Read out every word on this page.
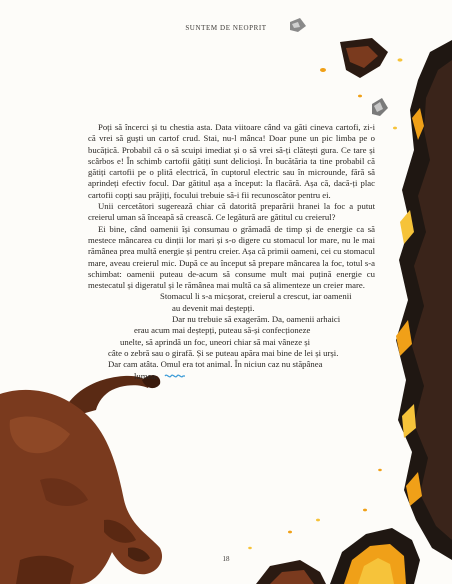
SUNTEM DE NEOPRIT

Poți să încerci și tu chestia asta. Data viitoare când va găti cineva cartofi, zi-i că vrei să guști un cartof crud. Stai, nu-l mânca! Doar pune un pic limba pe o bucățică. Probabil că o să scuipi imediat și o să vrei să-ți clătești gura. Ce tare și scârbos e! În schimb cartofii gătiți sunt delicioși. În bucătăria ta tine probabil că gătiți cartofii pe o plită electrică, în cuptorul electric sau în microunde, fără să aprindeți efectiv focul. Dar gătitul așa a început: la flacără. Așa că, dacă-ți plac cartofii copți sau prăjiți, focului trebuie să-i fii recunoscător pentru ei.

Unii cercetători sugerează chiar că datorită preparării hranei la foc a putut creierul uman să înceapă să crească. Ce legătură are gătitul cu creierul?

Ei bine, când oamenii își consumau o grămadă de timp și de energie ca să mestece mâncarea cu dinții lor mari și s-o digere cu stomacul lor mare, nu le mai rămânea prea multă energie și pentru creier. Așa că primii oameni, cei cu stomacul mare, aveau creierul mic. După ce au început să prepare mâncarea la foc, totul s-a schimbat: oamenii puteau de-acum să consume mult mai puțină energie cu mestecatul și digeratul și le rămânea mai multă ca să alimenteze un creier mare.

Stomacul li s-a micșorat, creierul a crescut, iar oamenii

au devenit mai deștepți.

Dar nu trebuie să exagerăm. Da, oamenii arhaici

erau acum mai deștepți, puteau să-și confecționeze

unelte, să aprindă un foc, uneori chiar să mai vâneze și

câte o zebră sau o girafă. Și se puteau apăra mai bine de lei și urși.

Dar cam atâta. Omul era tot animal. În niciun caz nu stăpânea

lumea.

18
